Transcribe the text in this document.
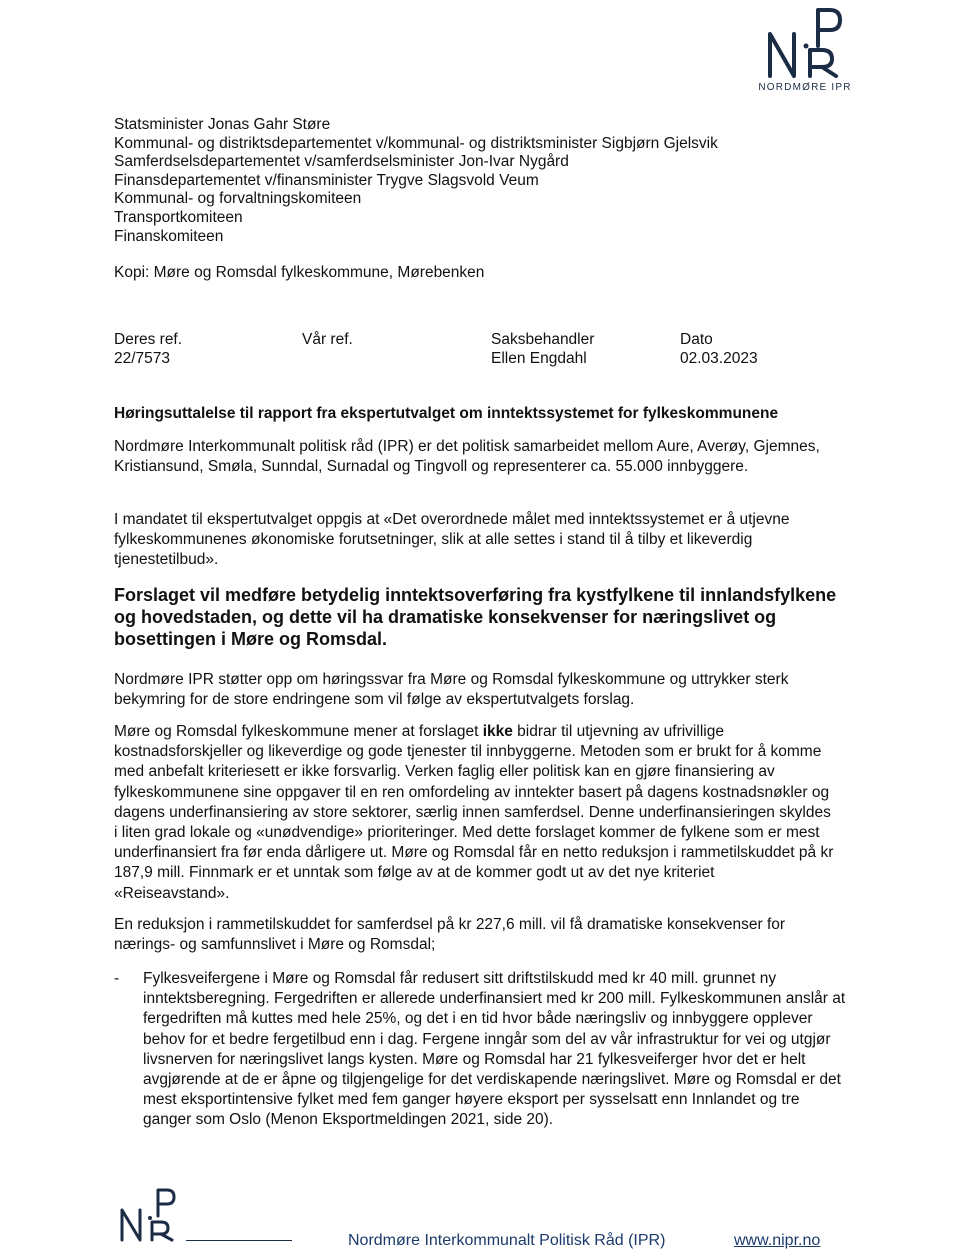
NORDMØRE IPR
Statsminister Jonas Gahr Støre
Kommunal- og distriktsdepartementet v/kommunal- og distriktsminister Sigbjørn Gjelsvik
Samferdselsdepartementet v/samferdselsminister Jon-Ivar Nygård
Finansdepartementet v/finansminister Trygve Slagsvold Veum
Kommunal- og forvaltningskomiteen
Transportkomiteen
Finanskomiteen
Kopi: Møre og Romsdal fylkeskommune, Mørebenken
Deres ref.
22/7573
Vår ref.	Saksbehandler
Ellen Engdahl
Dato
02.03.2023
Høringsuttalelse til rapport fra ekspertutvalget om inntektssystemet for fylkeskommunene
Nordmøre Interkommunalt politisk råd (IPR) er det politisk samarbeidet mellom Aure, Averøy, Gjemnes, Kristiansund, Smøla, Sunndal, Surnadal og Tingvoll og representerer ca. 55.000 innbyggere.
I mandatet til ekspertutvalget oppgis at «Det overordnede målet med inntektssystemet er å utjevne fylkeskommunenes økonomiske forutsetninger, slik at alle settes i stand til å tilby et likeverdig tjenestetilbud».
Forslaget vil medføre betydelig inntektsoverføring fra kystfylkene til innlandsfylkene og hovedstaden, og dette vil ha dramatiske konsekvenser for næringslivet og bosettingen i Møre og Romsdal.
Nordmøre IPR støtter opp om høringssvar fra Møre og Romsdal fylkeskommune og uttrykker sterk bekymring for de store endringene som vil følge av ekspertutvalgets forslag.
Møre og Romsdal fylkeskommune mener at forslaget ikke bidrar til utjevning av ufrivillige kostnadsforskjeller og likeverdige og gode tjenester til innbyggerne. Metoden som er brukt for å komme med anbefalt kriteriesett er ikke forsvarlig. Verken faglig eller politisk kan en gjøre finansiering av fylkeskommunene sine oppgaver til en ren omfordeling av inntekter basert på dagens kostnadsnøkler og dagens underfinansiering av store sektorer, særlig innen samferdsel. Denne underfinansieringen skyldes i liten grad lokale og «unødvendige» prioriteringer. Med dette forslaget kommer de fylkene som er mest underfinansiert fra før enda dårligere ut. Møre og Romsdal får en netto reduksjon i rammetilskuddet på kr 187,9 mill. Finnmark er et unntak som følge av at de kommer godt ut av det nye kriteriet «Reiseavstand».
En reduksjon i rammetilskuddet for samferdsel på kr 227,6 mill. vil få dramatiske konsekvenser for nærings- og samfunnslivet i Møre og Romsdal;
- Fylkesveifergene i Møre og Romsdal får redusert sitt driftstilskudd med kr 40 mill. grunnet ny inntektsberegning. Fergedriften er allerede underfinansiert med kr 200 mill. Fylkeskommunen anslår at fergedriften må kuttes med hele 25%, og det i en tid hvor både næringsliv og innbyggere opplever behov for et bedre fergetilbud enn i dag. Fergene inngår som del av vår infrastruktur for vei og utgjør livsnerven for næringslivet langs kysten. Møre og Romsdal har 21 fylkesveiferger hvor det er helt avgjørende at de er åpne og tilgjengelige for det verdiskapende næringslivet. Møre og Romsdal er det mest eksportintensive fylket med fem ganger høyere eksport per sysselsatt enn Innlandet og tre ganger som Oslo (Menon Eksportmeldingen 2021, side 20).
Nordmøre Interkommunalt Politisk Råd (IPR)	www.nipr.no
